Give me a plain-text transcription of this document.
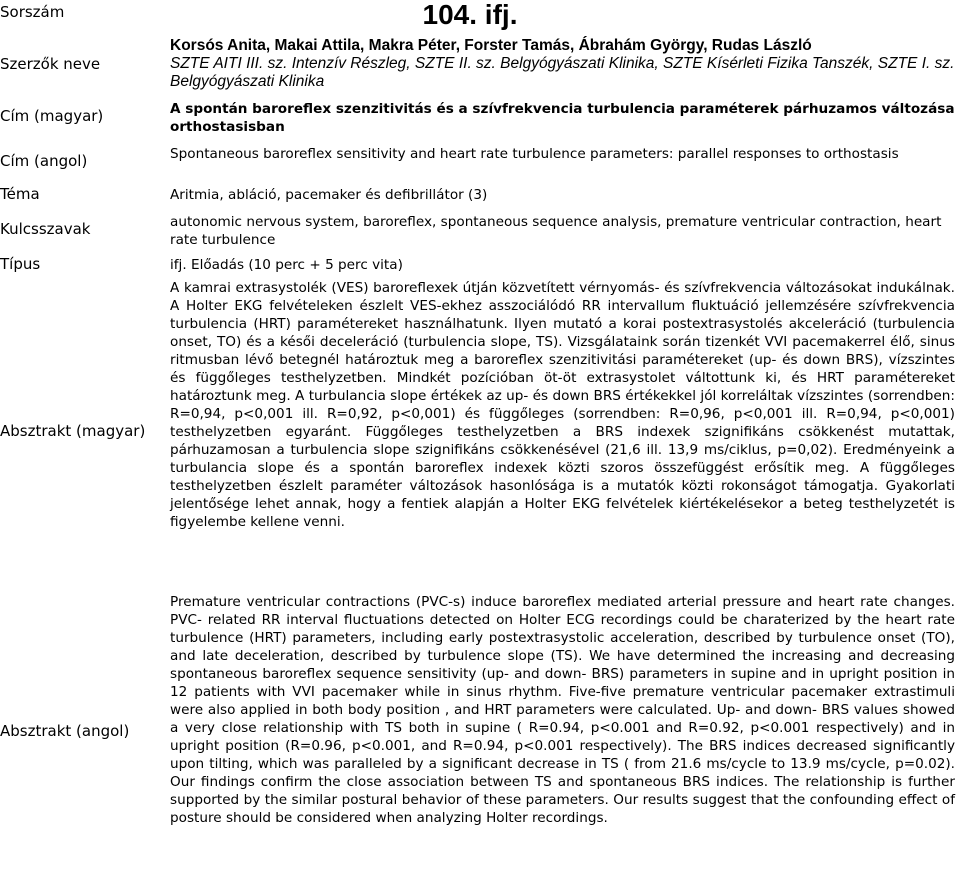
Sorszám
Szerzők neve
Cím (magyar)
Cím (angol)
Téma
Kulcsszavak
Típus
Absztrakt (magyar)
Absztrakt (angol)
104. ifj.
Korsós Anita, Makai Attila, Makra Péter, Forster Tamás, Ábrahám György, Rudas László
SZTE AITI III. sz. Intenzív Részleg, SZTE II. sz. Belgyógyászati Klinika, SZTE Kísérleti Fizika Tanszék, SZTE I. sz. Belgyógyászati Klinika
A spontán baroreflex szenzitivitás és a szívfrekvencia turbulencia paraméterek párhuzamos változása orthostasisban
Spontaneous baroreflex sensitivity and heart rate turbulence parameters: parallel responses to orthostasis
Aritmia, abláció, pacemaker és defibrillátor (3)
autonomic nervous system, baroreflex, spontaneous sequence analysis, premature ventricular contraction, heart rate turbulence
ifj. Előadás (10 perc + 5 perc vita)
A kamrai extrasystolék (VES) baroreflexek útján közvetített vérnyomás- és szívfrekvencia változásokat indukálnak. A Holter EKG felvételeken észlelt VES-ekhez asszociálódó RR intervallum fluktuáció jellemzésére szívfrekvencia turbulencia (HRT) paramétereket használhatunk. Ilyen mutató a korai postextrasystolés akceleráció (turbulencia onset, TO) és a késői deceleráció (turbulencia slope, TS). Vizsgálataink során tizenkét VVI pacemakerrel élő, sinus ritmusban lévő betegnél határoztuk meg a baroreflex szenzitivitási paramétereket (up- és down BRS), vízszintes és függőleges testhelyzetben. Mindkét pozícióban öt-öt extrasystolet váltottunk ki, és HRT paramétereket határoztunk meg. A turbulancia slope értékek az up- és down BRS értékekkel jól korreláltak vízszintes (sorrendben: R=0,94, p<0,001 ill. R=0,92, p<0,001) és függőleges (sorrendben: R=0,96, p<0,001 ill. R=0,94, p<0,001) testhelyzetben egyaránt. Függőleges testhelyzetben a BRS indexek szignifikáns csökkenést mutattak, párhuzamosan a turbulencia slope szignifikáns csökkenésével (21,6 ill. 13,9 ms/ciklus, p=0,02). Eredményeink a turbulancia slope és a spontán baroreflex indexek közti szoros összefüggést erősítik meg. A függőleges testhelyzetben észlelt paraméter változások hasonlósága is a mutatók közti rokonságot támogatja. Gyakorlati jelentősége lehet annak, hogy a fentiek alapján a Holter EKG felvételek kiértékelésekor a beteg testhelyzetét is figyelembe kellene venni.
Premature ventricular contractions (PVC-s) induce baroreflex mediated arterial pressure and heart rate changes. PVC- related RR interval fluctuations detected on Holter ECG recordings could be charaterized by the heart rate turbulence (HRT) parameters, including early postextrasystolic acceleration, described by turbulence onset (TO), and late deceleration, described by turbulence slope (TS). We have determined the increasing and decreasing spontaneous baroreflex sequence sensitivity (up- and down- BRS) parameters in supine and in upright position in 12 patients with VVI pacemaker while in sinus rhythm. Five-five premature ventricular pacemaker extrastimuli were also applied in both body position , and HRT parameters were calculated. Up- and down- BRS values showed a very close relationship with TS both in supine ( R=0.94, p<0.001 and R=0.92, p<0.001 respectively) and in upright position (R=0.96, p<0.001, and R=0.94, p<0.001 respectively). The BRS indices decreased significantly upon tilting, which was paralleled by a significant decrease in TS ( from 21.6 ms/cycle to 13.9 ms/cycle, p=0.02). Our findings confirm the close association between TS and spontaneous BRS indices. The relationship is further supported by the similar postural behavior of these parameters. Our results suggest that the confounding effect of posture should be considered when analyzing Holter recordings.
